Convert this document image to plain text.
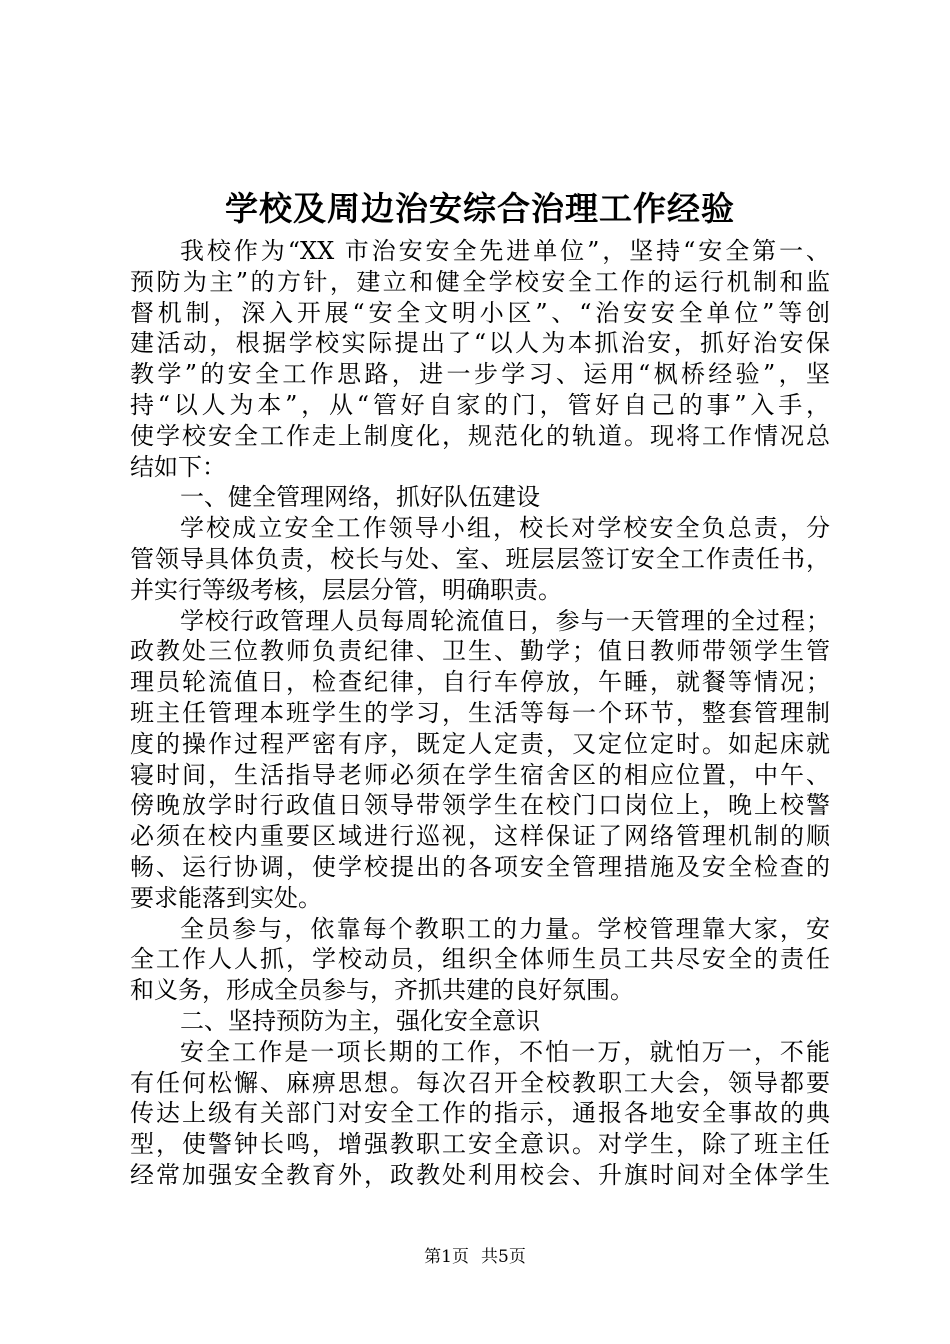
学校及周边治安综合治理工作经验

我校作为“XX 市治安安全先进单位”，坚持“安全第一、

预防为主”的方针，建立和健全学校安全工作的运行机制和监

督机制，深入开展“安全文明小区”、“治安安全单位”等创

建活动，根据学校实际提出了“以人为本抓治安，抓好治安保

教学”的安全工作思路，进一步学习、运用“枫桥经验”，坚

持“以人为本”，从“管好自家的门，管好自己的事”入手，

使学校安全工作走上制度化，规范化的轨道。现将工作情况总

结如下：

一、健全管理网络，抓好队伍建设

学校成立安全工作领导小组，校长对学校安全负总责，分

管领导具体负责，校长与处、室、班层层签订安全工作责任书，

并实行等级考核，层层分管，明确职责。

学校行政管理人员每周轮流值日，参与一天管理的全过程；

政教处三位教师负责纪律、卫生、勤学；值日教师带领学生管

理员轮流值日，检查纪律，自行车停放，午睡，就餐等情况；

班主任管理本班学生的学习，生活等每一个环节，整套管理制

度的操作过程严密有序，既定人定责，又定位定时。如起床就

寝时间，生活指导老师必须在学生宿舍区的相应位置，中午、

傍晚放学时行政值日领导带领学生在校门口岗位上，晚上校警

必须在校内重要区域进行巡视，这样保证了网络管理机制的顺

畅、运行协调，使学校提出的各项安全管理措施及安全检查的

要求能落到实处。

全员参与，依靠每个教职工的力量。学校管理靠大家，安

全工作人人抓，学校动员，组织全体师生员工共尽安全的责任

和义务，形成全员参与，齐抓共建的良好氛围。

二、坚持预防为主，强化安全意识

安全工作是一项长期的工作，不怕一万，就怕万一，不能

有任何松懈、麻痹思想。每次召开全校教职工大会，领导都要

传达上级有关部门对安全工作的指示，通报各地安全事故的典

型，使警钟长鸣，增强教职工安全意识。对学生，除了班主任

经常加强安全教育外，政教处利用校会、升旗时间对全体学生

第1页 共5页
